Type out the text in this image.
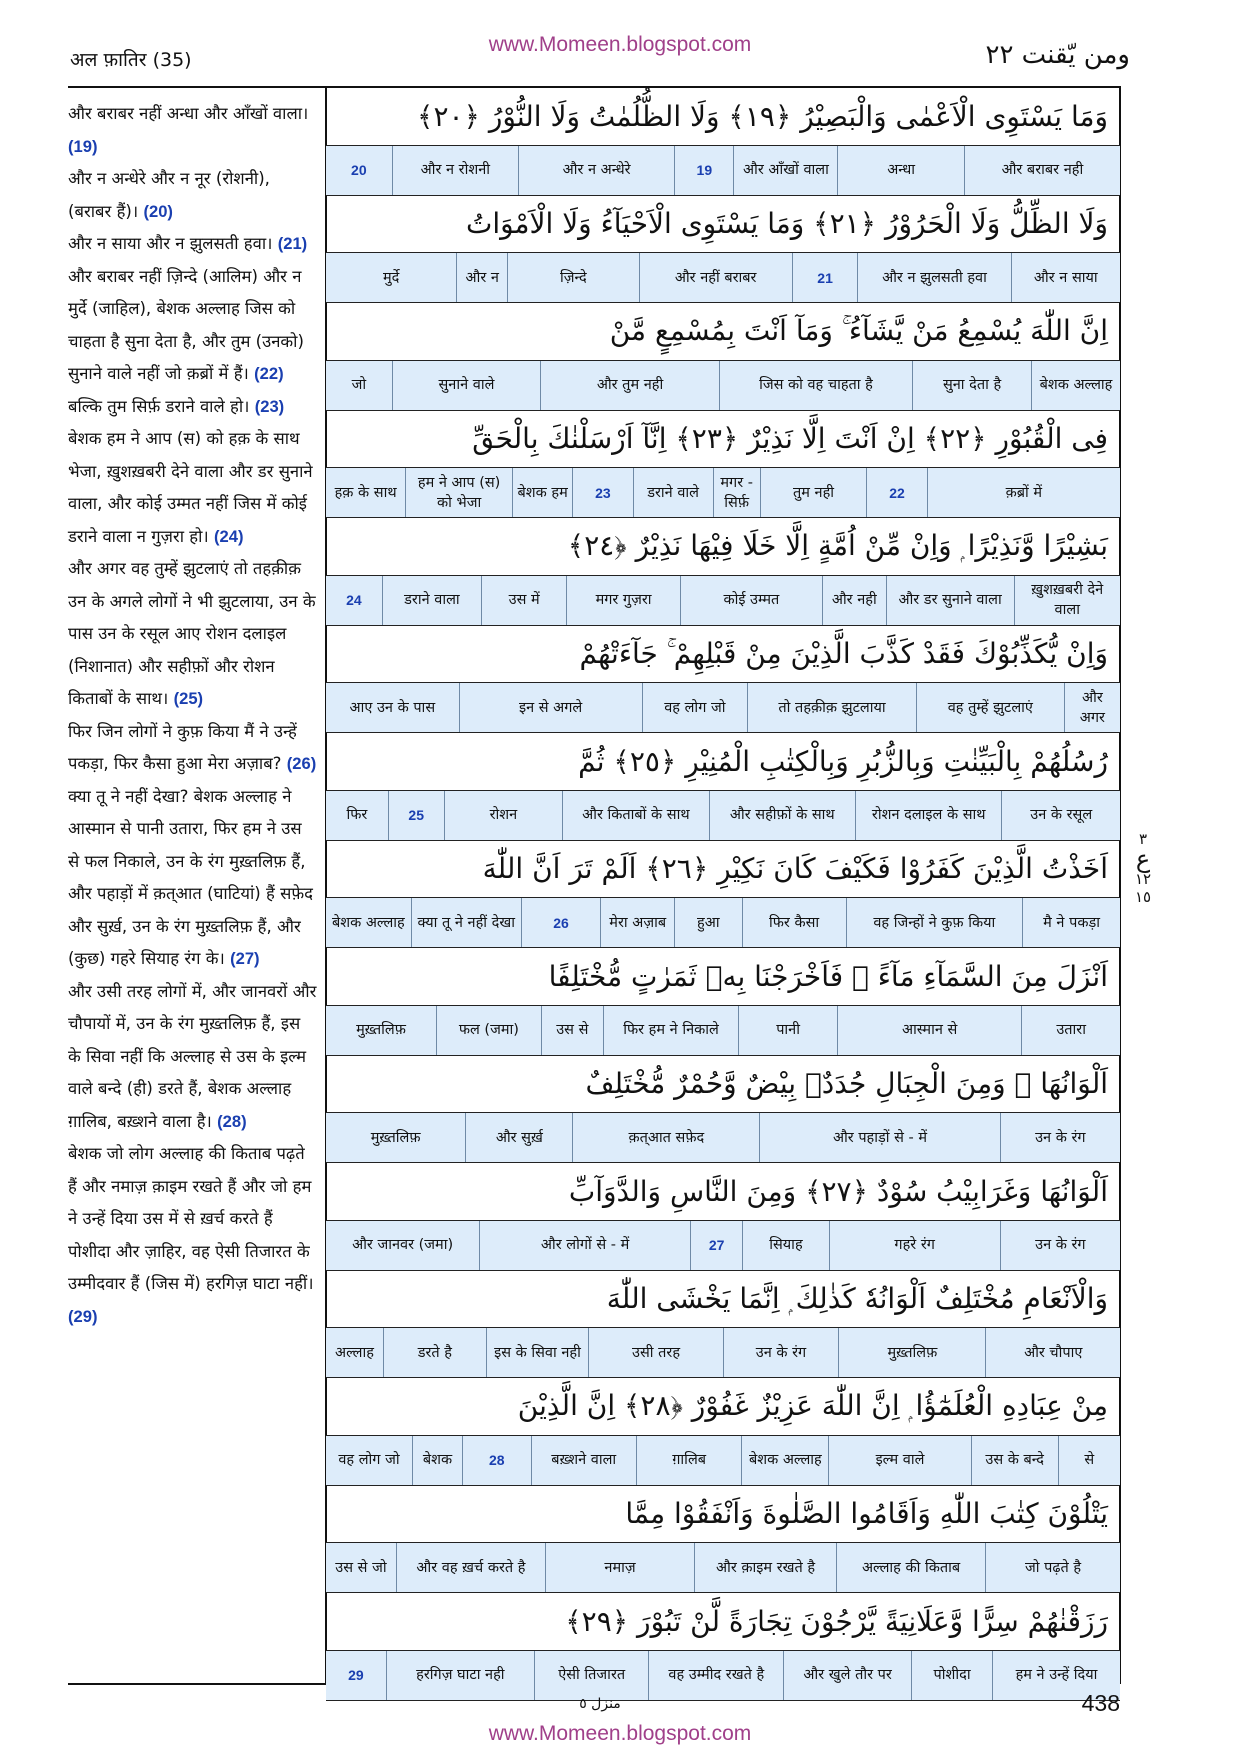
www.Momeen.blogspot.com
अल फ़ातिर (35)	ومن يّقنت ٢٢
और बराबर नहीं अन्धा और आँखों वाला। (19)
और न अन्धेरे और न नूर (रोशनी), (बराबर हैं)। (20)
और न साया और न झुलसती हवा। (21)
और बराबर नहीं ज़िन्दे (आलिम) और न मुर्दे (जाहिल), बेशक अल्लाह जिस को चाहता है सुना देता है, और तुम (उनको) सुनाने वाले नहीं जो क़ब्रों में हैं। (22)
बल्कि तुम सिर्फ़ डराने वाले हो। (23)
बेशक हम ने आप (स) को हक़ के साथ भेजा, ख़ुशख़बरी देने वाला और डर सुनाने वाला, और कोई उम्मत नहीं जिस में कोई डराने वाला न गुज़रा हो। (24)
और अगर वह तुम्हें झुटलाएं तो तहक़ीक़ उन के अगले लोगों ने भी झुटलाया, उन के पास उन के रसूल आए रोशन दलाइल (निशानात) और सहीफ़ों और रोशन किताबों के साथ। (25)
फिर जिन लोगों ने कुफ़ किया मैं ने उन्हें पकड़ा, फिर कैसा हुआ मेरा अज़ाब? (26)
क्या तू ने नहीं देखा? बेशक अल्लाह ने आस्मान से पानी उतारा, फिर हम ने उस से फल निकाले, उन के रंग मुख़्तलिफ़ हैं, और पहाड़ों में क़त्आत (घाटियां) हैं सफ़ेद और सुर्ख़, उन के रंग मुख़्तलिफ़ हैं, और (कुछ) गहरे सियाह रंग के। (27)
और उसी तरह लोगों में, और जानवरों और चौपायों में, उन के रंग मुख़्तलिफ़ हैं, इस के सिवा नहीं कि अल्लाह से उस के इल्म वाले बन्दे (ही) डरते हैं, बेशक अल्लाह ग़ालिब, बख़्शने वाला है। (28)
बेशक जो लोग अल्लाह की किताब पढ़ते हैं और नमाज़ क़ाइम रखते हैं और जो हम ने उन्हें दिया उस में से ख़र्च करते हैं पोशीदा और ज़ाहिर, वह ऐसी तिजारत के उम्मीदवार हैं (जिस में) हरगिज़ घाटा नहीं। (29)
وَمَا يَسْتَوِى الْاَعْمٰى وَالْبَصِيْرُ ﴿١٩﴾ وَلَا الظُّلُمٰتُ وَلَا النُّوْرُ ﴿٢٠﴾
और बराबर नही
अन्धा
और आँखों वाला
19
और न अन्धेरे
और न रोशनी
20
وَلَا الظِّلُّ وَلَا الْحَرُوْرُ ﴿٢١﴾ وَمَا يَسْتَوِى الْاَحْيَآءُ وَلَا الْاَمْوَاتُ
और न साया
और न झुलसती हवा
21
और नहीं बराबर
ज़िन्दे
और न
मुर्दे
اِنَّ اللّٰهَ يُسْمِعُ مَنْ يَّشَآءُ ۚ وَمَآ اَنْتَ بِمُسْمِعٍ مَّنْ
बेशक अल्लाह
सुना देता है
जिस को वह चाहता है
और तुम नही
सुनाने वाले
जो
فِى الْقُبُوْرِ ﴿٢٢﴾ اِنْ اَنْتَ اِلَّا نَذِيْرٌ ﴿٢٣﴾ اِنَّآ اَرْسَلْنٰكَ بِالْحَقِّ
क़ब्रों में
22
तुम नही
मगर - सिर्फ़
डराने वाले
23
बेशक हम
हम ने आप (स) को भेजा
हक़ के साथ
بَشِيْرًا وَّنَذِيْرًا ۭ وَاِنْ مِّنْ اُمَّةٍ اِلَّا خَلَا فِيْهَا نَذِيْرٌ ﴿٢٤﴾
ख़ुशख़बरी देने वाला
और डर सुनाने वाला
और नही
कोई उम्मत
मगर गुज़रा
उस में
डराने वाला
24
وَاِنْ يُّكَذِّبُوْكَ فَقَدْ كَذَّبَ الَّذِيْنَ مِنْ قَبْلِهِمْ ۚ جَآءَتْهُمْ
और अगर
वह तुम्हें झुटलाएं
तो तहक़ीक़ झुटलाया
वह लोग जो
इन से अगले
आए उन के पास
رُسُلُهُمْ بِالْبَيِّنٰتِ وَبِالزُّبُرِ وَبِالْكِتٰبِ الْمُنِيْرِ ﴿٢٥﴾ ثُمَّ
उन के रसूल
रोशन दलाइल के साथ
और सहीफ़ों के साथ
और किताबों के साथ
रोशन
25
फिर
اَخَذْتُ الَّذِيْنَ كَفَرُوْا فَكَيْفَ كَانَ نَكِيْرِ ﴿٢٦﴾ اَلَمْ تَرَ اَنَّ اللّٰهَ
मै ने पकड़ा
वह जिन्हों ने कुफ़ किया
फिर कैसा
हुआ
मेरा अज़ाब
26
क्या तू ने नहीं देखा
बेशक अल्लाह
اَنْزَلَ مِنَ السَّمَآءِ مَآءً ۚ فَاَخْرَجْنَا بِهٖ ثَمَرٰتٍ مُّخْتَلِفًا
उतारा
आस्मान से
पानी
फिर हम ने निकाले
उस से
फल (जमा)
मुख़्तलिफ़
اَلْوَانُهَا ۭ وَمِنَ الْجِبَالِ جُدَدٌۢ بِيْضٌ وَّحُمْرٌ مُّخْتَلِفٌ
उन के रंग
और पहाड़ों से - में
क़त्आत सफ़ेद
और सुर्ख़
मुख़्तलिफ़
اَلْوَانُهَا وَغَرَابِيْبُ سُوْدٌ ﴿٢٧﴾ وَمِنَ النَّاسِ وَالدَّوَآبِّ
उन के रंग
गहरे रंग
सियाह
27
और लोगों से - में
और जानवर (जमा)
وَالْاَنْعَامِ مُخْتَلِفٌ اَلْوَانُهٗ كَذٰلِكَ ۭ اِنَّمَا يَخْشَى اللّٰهَ
और चौपाए
मुख़्तलिफ़
उन के रंग
उसी तरह
इस के सिवा नही
डरते है
अल्लाह
مِنْ عِبَادِهِ الْعُلَمٰٓؤُا ۭ اِنَّ اللّٰهَ عَزِيْزٌ غَفُوْرٌ ﴿٢٨﴾ اِنَّ الَّذِيْنَ
से
उस के बन्दे
इल्म वाले
बेशक अल्लाह
ग़ालिब
बख़्शने वाला
28
बेशक
वह लोग जो
يَتْلُوْنَ كِتٰبَ اللّٰهِ وَاَقَامُوا الصَّلٰوةَ وَاَنْفَقُوْا مِمَّا
जो पढ़ते है
अल्लाह की किताब
और क़ाइम रखते है
नमाज़
और वह ख़र्च करते है
उस से जो
رَزَقْنٰهُمْ سِرًّا وَّعَلَانِيَةً يَّرْجُوْنَ تِجَارَةً لَّنْ تَبُوْرَ ﴿٢٩﴾
हम ने उन्हें दिया
पोशीदा
और खुले तौर पर
वह उम्मीद रखते है
ऐसी तिजारत
हरगिज़ घाटा नही
29
٣
ع
١٢
١٥
منزل ٥	438
www.Momeen.blogspot.com
